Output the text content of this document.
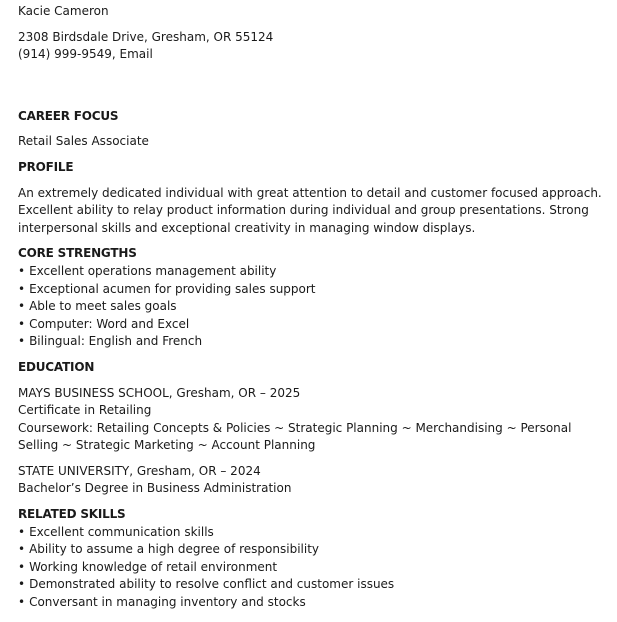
Kacie Cameron
2308 Birdsdale Drive, Gresham, OR 55124
(914) 999-9549, Email
CAREER FOCUS
Retail Sales Associate
PROFILE
An extremely dedicated individual with great attention to detail and customer focused approach. Excellent ability to relay product information during individual and group presentations. Strong interpersonal skills and exceptional creativity in managing window displays.
CORE STRENGTHS
• Excellent operations management ability
• Exceptional acumen for providing sales support
• Able to meet sales goals
• Computer: Word and Excel
• Bilingual: English and French
EDUCATION
MAYS BUSINESS SCHOOL, Gresham, OR – 2025
Certificate in Retailing
Coursework: Retailing Concepts & Policies ~ Strategic Planning ~ Merchandising ~ Personal Selling ~ Strategic Marketing ~ Account Planning
STATE UNIVERSITY, Gresham, OR – 2024
Bachelor’s Degree in Business Administration
RELATED SKILLS
• Excellent communication skills
• Ability to assume a high degree of responsibility
• Working knowledge of retail environment
• Demonstrated ability to resolve conflict and customer issues
• Conversant in managing inventory and stocks
